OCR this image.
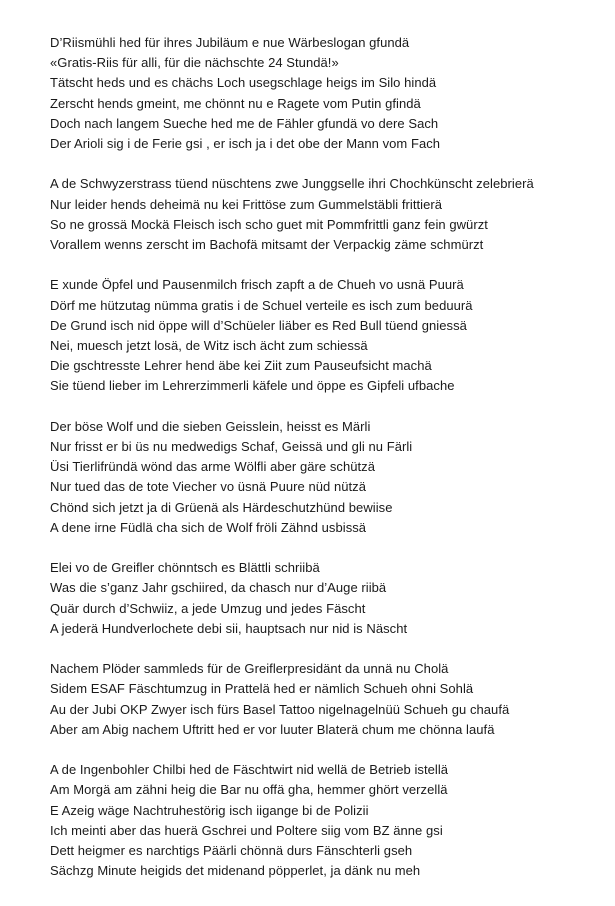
D’Riismühli hed für ihres Jubiläum e nue Wärbeslogan gfundä
«Gratis-Riis für alli, für die nächschte 24 Stundä!»
Tätscht heds und es chächs Loch usegschlage heigs im Silo hindä
Zerscht hends gmeint, me chönnt nu e Ragete vom Putin gfindä
Doch nach langem Sueche hed me de Fähler gfundä vo dere Sach
Der Arioli sig i de Ferie gsi , er isch ja i det obe der Mann vom Fach
A de Schwyzerstrass tüend nüschtens zwe Junggselle ihri Chochkünscht zelebrierä
Nur leider hends deheimä nu kei Frittöse zum Gummelstäbli frittierä
So ne grossä Mockä Fleisch isch scho guet mit Pommfrittli ganz fein gwürzt
Vorallem wenns zerscht im Bachofä mitsamt der Verpackig zäme schmürzt
E xunde Öpfel und Pausenmilch frisch zapft a de Chueh vo usnä Puurä
Dörf me hützutag nümma gratis i de Schuel verteile es isch zum beduurä
De Grund isch nid öppe will d’Schüeler liäber es Red Bull tüend gniessä
Nei, muesch jetzt losä, de Witz isch ächt zum schiessä
Die gschtresste Lehrer hend äbe kei Ziit zum Pauseufsicht machä
Sie tüend lieber im Lehrerzimmerli käfele und öppe es Gipfeli ufbache
Der böse Wolf und die sieben Geisslein, heisst es Märli
Nur frisst er bi üs nu medwedigs Schaf, Geissä und gli nu Färli
Üsi Tierlifründä wönd das arme Wölfli aber gäre schützä
Nur tued das de tote Viecher vo üsnä Puure nüd nützä
Chönd sich jetzt ja di Grüenä als Härdeschutzhünd bewiise
A dene irne Füdlä cha sich de Wolf fröli Zähnd usbissä
Elei vo de Greifler chönntsch es Blättli schriibä
Was die s’ganz Jahr gschiired, da chasch nur d’Auge riibä
Quär durch d’Schwiiz, a jede Umzug und jedes Fäscht
A jederä Hundverlochete debi sii, hauptsach nur nid is Näscht
Nachem Plöder sammleds für de Greiflerpresidänt da unnä nu Cholä
Sidem ESAF Fäschtumzug in Prattelä hed er nämlich Schueh ohni Sohlä
Au der Jubi OKP Zwyer isch fürs Basel Tattoo nigelnagelnüü Schueh gu chaufä
Aber am Abig nachem Uftritt hed er vor luuter Blaterä chum me chönna laufä
A de Ingenbohler Chilbi hed de Fäschtwirt nid wellä de Betrieb istellä
Am Morgä am zähni heig die Bar nu offä gha, hemmer ghört verzellä
E Azeig wäge Nachtruhestörig isch iigange bi de Polizii
Ich meinti aber das huerä Gschrei und Poltere siig vom BZ änne gsi
Dett heigmer es narchtigs Päärli chönnä durs Fänschterli gseh
Sächzg Minute heigids det midenand pöpperlet, ja dänk nu meh
